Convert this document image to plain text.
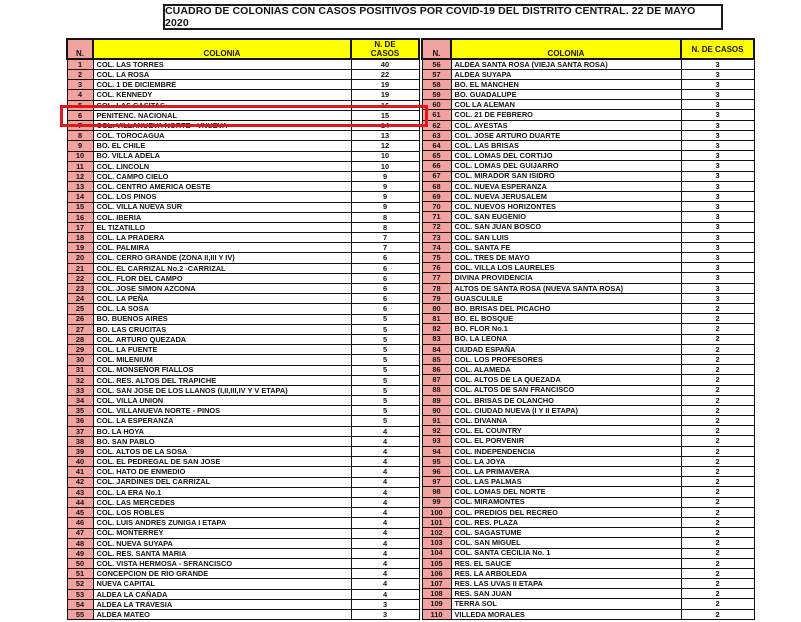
CUADRO DE COLONIAS CON CASOS POSITIVOS POR COVID-19 DEL DISTRITO CENTRAL. 22 DE MAYO 2020
N.	COLONIA	N. DE CASOS
1	COL. LAS TORRES	40
2	COL. LA ROSA	22
3	COL. 1 DE DICIEMBRE	19
4	COL. KENNEDY	19
5	COL. LAS CASITAS	16
6	PENITENC. NACIONAL	15
7	COL. VILLANUEVA NORTE - VNUEVA	14
8	COL. TOROCAGUA	13
9	BO. EL CHILE	12
10	BO. VILLA ADELA	10
11	COL. LINCOLN	10
12	COL. CAMPO CIELO	9
13	COL. CENTRO AMERICA OESTE	9
14	COL. LOS PINOS	9
15	COL. VILLA NUEVA SUR	9
16	COL. IBERIA	8
17	EL TIZATILLO	8
18	COL. LA PRADERA	7
19	COL. PALMIRA	7
20	COL. CERRO GRANDE (ZONA II,III Y IV)	6
21	COL. EL CARRIZAL No.2 -CARRIZAL	6
22	COL. FLOR DEL CAMPO	6
23	COL. JOSE SIMON AZCONA	6
24	COL. LA PEÑA	6
25	COL. LA SOSA	6
26	BO. BUENOS AIRES	5
27	BO. LAS CRUCITAS	5
28	COL. ARTURO QUEZADA	5
29	COL. LA FUENTE	5
30	COL. MILENIUM	5
31	COL. MONSEÑOR FIALLOS	5
32	COL. RES. ALTOS DEL TRAPICHE	5
33	COL. SAN JOSE DE LOS LLANOS (I,II,III,IV Y V ETAPA)	5
34	COL. VILLA UNION	5
35	COL. VILLANUEVA NORTE - PINOS	5
36	COL. LA ESPERANZA	5
37	BO. LA HOYA	4
38	BO. SAN PABLO	4
39	COL. ALTOS DE LA SOSA	4
40	COL. EL PEDREGAL DE SAN JOSE	4
41	COL. HATO DE ENMEDIO	4
42	COL. JARDINES DEL CARRIZAL	4
43	COL. LA ERA No.1	4
44	COL. LAS MERCEDES	4
45	COL. LOS ROBLES	4
46	COL. LUIS ANDRES ZUNIGA I ETAPA	4
47	COL. MONTERREY	4
48	COL. NUEVA SUYAPA	4
49	COL. RES. SANTA MARIA	4
50	COL. VISTA HERMOSA - SFRANCISCO	4
51	CONCEPCION DE RIO GRANDE	4
52	NUEVA CAPITAL	4
53	ALDEA LA CAÑADA	4
54	ALDEA LA TRAVESIA	3
55	ALDEA MATEO	3
N.	COLONIA	N. DE CASOS
56	ALDEA SANTA ROSA (VIEJA SANTA ROSA)	3
57	ALDEA SUYAPA	3
58	BO. EL MANCHEN	3
59	BO. GUADALUPE	3
60	COL LA ALEMAN	3
61	COL. 21 DE FEBRERO	3
62	COL. AYESTAS	3
63	COL. JOSE ARTURO DUARTE	3
64	COL. LAS BRISAS	3
65	COL. LOMAS DEL CORTIJO	3
66	COL. LOMAS DEL GUIJARRO	3
67	COL. MIRADOR SAN ISIDRO	3
68	COL. NUEVA ESPERANZA	3
69	COL. NUEVA JERUSALEM	3
70	COL. NUEVOS HORIZONTES	3
71	COL. SAN EUGENIO	3
72	COL. SAN JUAN BOSCO	3
73	COL. SAN LUIS	3
74	COL. SANTA FE	3
75	COL. TRES DE MAYO	3
76	COL. VILLA LOS LAURELES	3
77	DIVINA PROVIDENCIA	3
78	ALTOS DE SANTA ROSA (NUEVA SANTA ROSA)	3
79	GUASCULILE	3
80	BO. BRISAS DEL PICACHO	2
81	BO. EL BOSQUE	2
82	BO. FLOR No.1	2
83	BO. LA LEONA	2
84	CIUDAD ESPAÑA	2
85	COL. LOS PROFESORES	2
86	COL. ALAMEDA	2
87	COL. ALTOS DE LA QUEZADA	2
88	COL. ALTOS DE SAN FRANCISCO	2
89	COL. BRISAS DE OLANCHO	2
90	COL. CIUDAD NUEVA (I Y II ETAPA)	2
91	COL. DIVANNA	2
92	COL. EL COUNTRY	2
93	COL. EL PORVENIR	2
94	COL. INDEPENDENCIA	2
95	COL. LA JOYA	2
96	COL. LA PRIMAVERA	2
97	COL. LAS PALMAS	2
98	COL. LOMAS DEL NORTE	2
99	COL. MIRAMONTES	2
100	COL. PREDIOS DEL RECREO	2
101	COL. RES. PLAZA	2
102	COL. SAGASTUME	2
103	COL. SAN MIGUEL	2
104	COL. SANTA CECILIA No. 1	2
105	RES. EL SAUCE	2
106	RES. LA ARBOLEDA	2
107	RES. LAS UVAS II ETAPA	2
108	RES. SAN JUAN	2
109	TERRA SOL	2
110	VILLEDA MORALES	2
